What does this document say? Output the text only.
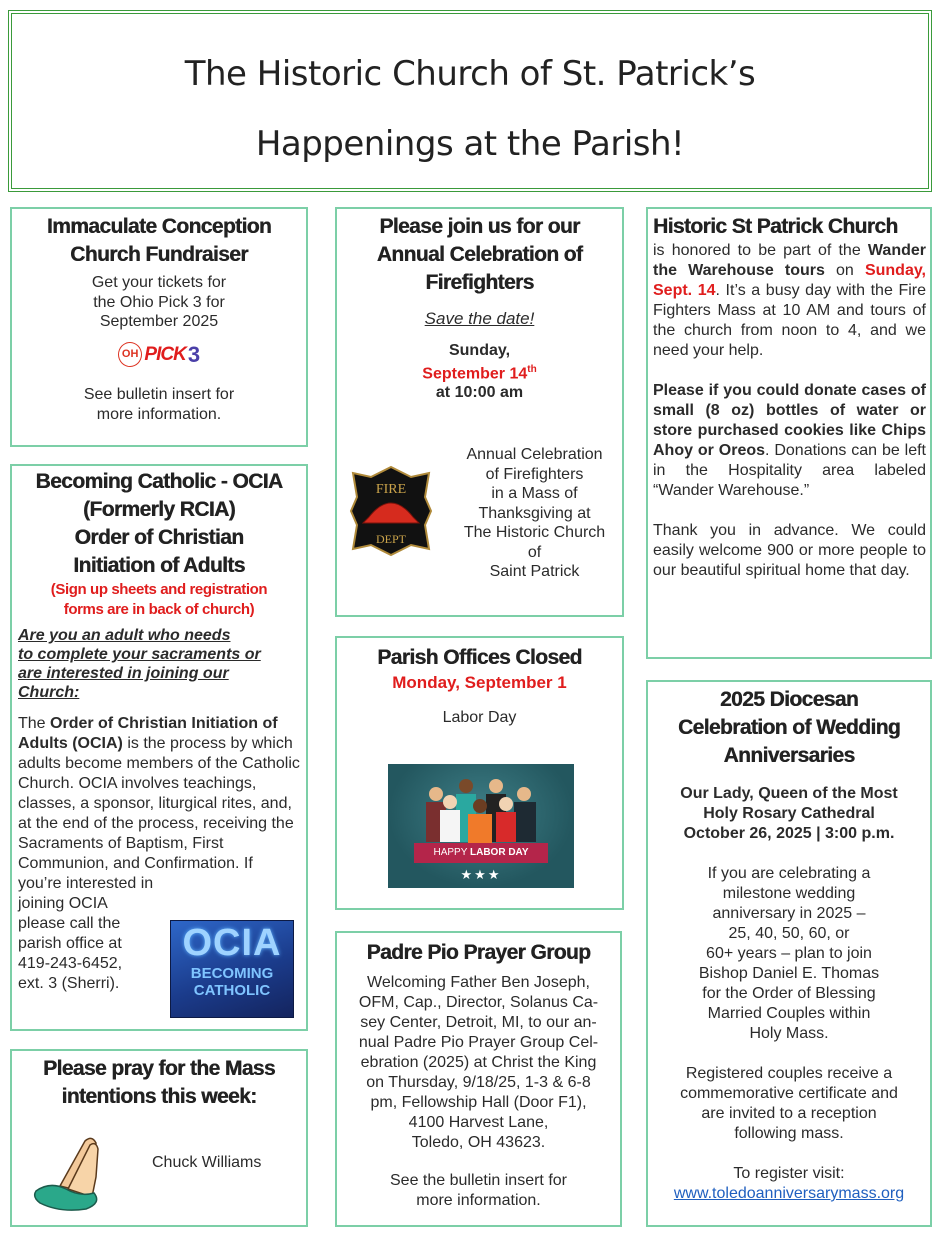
The Historic Church of St. Patrick’s
Happenings at the Parish!
Immaculate Conception
Church Fundraiser
Get your tickets for
the Ohio Pick 3 for
September 2025
OH PICK 3
See bulletin insert for
more information.
Becoming Catholic - OCIA
(Formerly RCIA)
Order of Christian
Initiation of Adults
(Sign up sheets and registration
forms are in back of church)
Are you an adult who needs
to complete your sacraments or
are interested in joining our
Church:
The Order of Christian Initiation of Adults (OCIA) is the process by which adults become members of the Catholic Church. OCIA involves teachings, classes, a sponsor, liturgical rites, and, at the end of the process, receiving the Sacraments of Baptism, First Communion, and Confirmation. If you’re interested in
joining OCIA
please call the
parish office at
419-243-6452,
ext. 3 (Sherri).
OCIA
BECOMING
CATHOLIC
Please pray for the Mass
intentions this week:
Chuck Williams
Please join us for our
Annual Celebration of
Firefighters
Save the date!
Sunday,
September 14th
at 10:00 am
FIRE
DEPT
Annual Celebration
of Firefighters
in a Mass of
Thanksgiving at
The Historic Church
of
Saint Patrick
Parish Offices Closed
Monday, September 1
Labor Day
HAPPY LABOR DAY
★★★
Padre Pio Prayer Group
Welcoming Father Ben Joseph,
OFM, Cap., Director, Solanus Ca-
sey Center, Detroit, MI, to our an-
nual Padre Pio Prayer Group Cel-
ebration (2025) at Christ the King
on Thursday, 9/18/25, 1-3 & 6-8
pm, Fellowship Hall (Door F1),
4100 Harvest Lane,
Toledo, OH 43623.
See the bulletin insert for
more information.
Historic St Patrick Church

is honored to be part of the Wander the Warehouse tours on Sunday, Sept. 14. It’s a busy day with the Fire Fighters Mass at 10 AM and tours of the church from noon to 4, and we need your help.

Please if you could donate cases of small (8 oz) bottles of water or store purchased cookies like Chips Ahoy or Oreos. Donations can be left in the Hospitality area labeled “Wander Warehouse.”

Thank you in advance. We could easily welcome 900 or more people to our beautiful spiritual home that day.

2025 Diocesan
Celebration of Wedding
Anniversaries
Our Lady, Queen of the Most
Holy Rosary Cathedral
October 26, 2025 | 3:00 p.m.
If you are celebrating a
milestone wedding
anniversary in 2025 –
25, 40, 50, 60, or
60+ years – plan to join
Bishop Daniel E. Thomas
for the Order of Blessing
Married Couples within
Holy Mass.
Registered couples receive a
commemorative certificate and
are invited to a reception
following mass.
To register visit:
www.toledoanniversarymass.org
